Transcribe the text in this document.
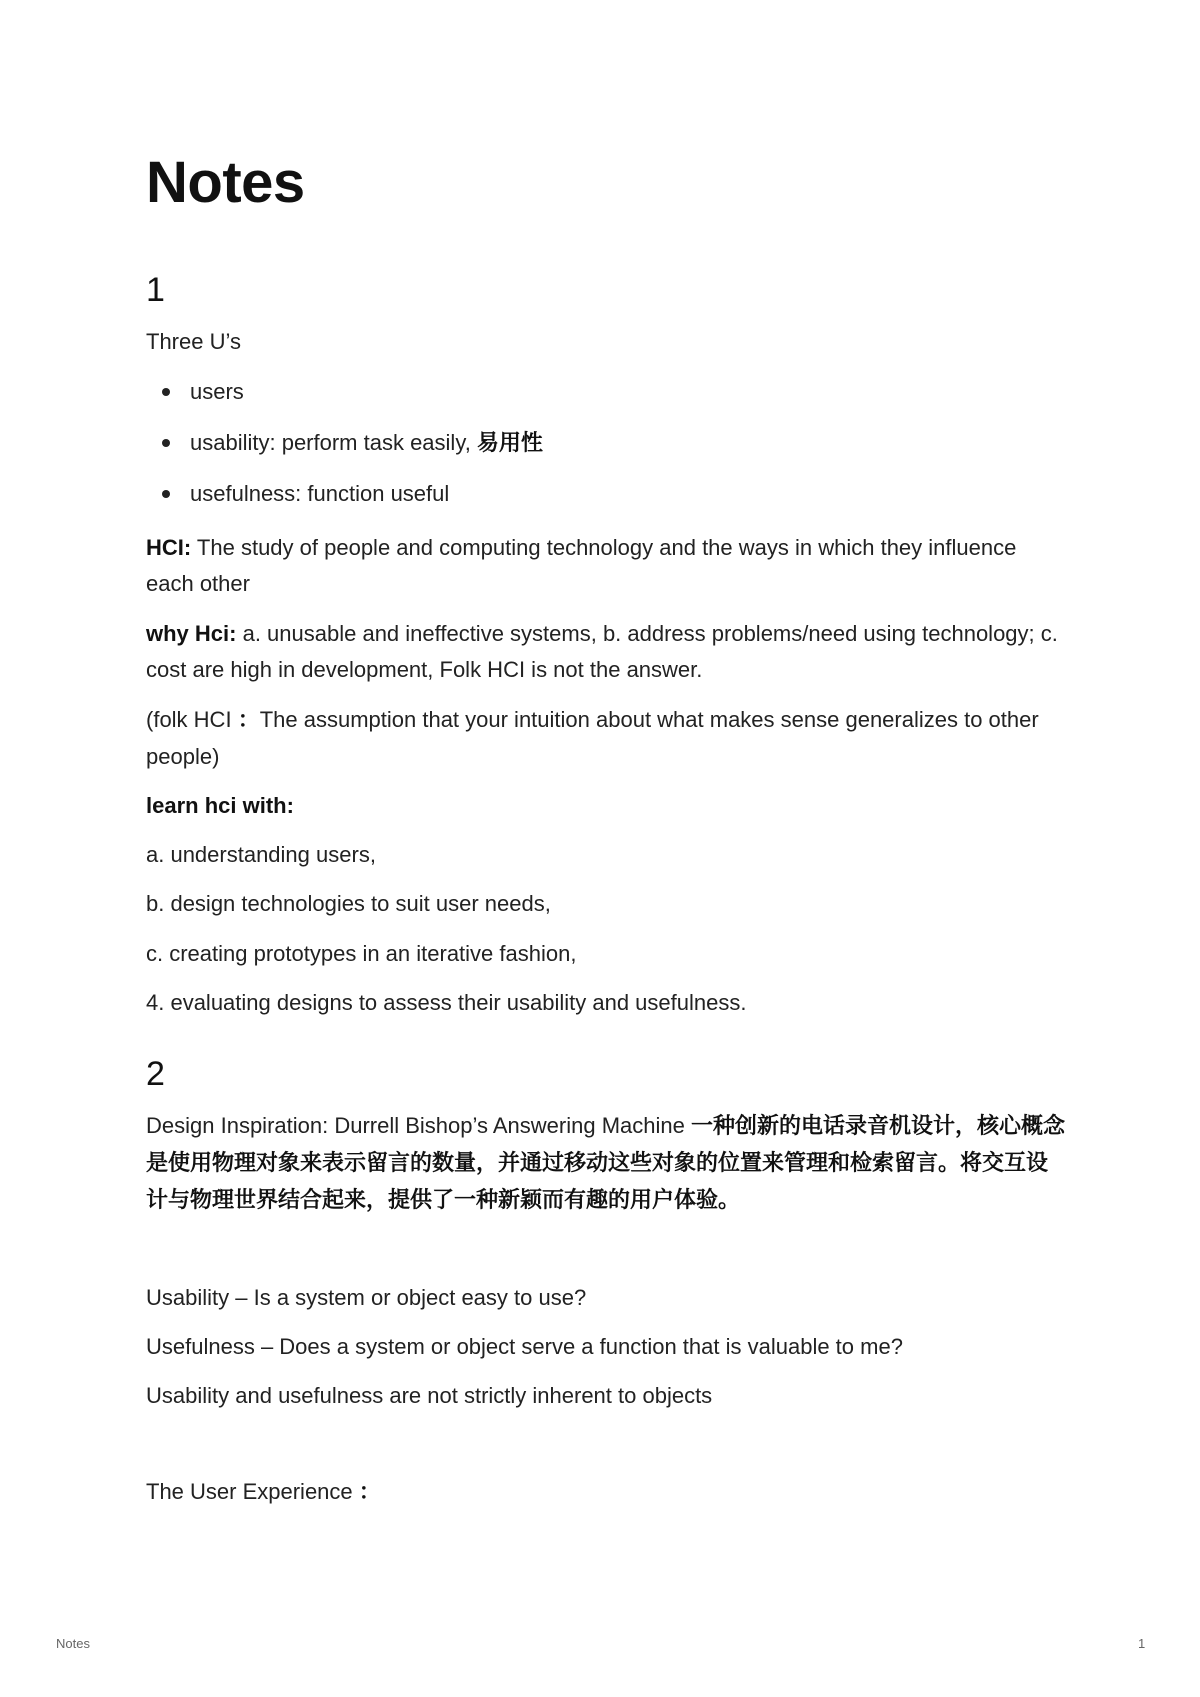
Notes
1

Three U’s

users
usability: perform task easily, 易用性
usefulness: function useful

HCI: The study of people and computing technology and the ways in which they influence each other

why Hci: a. unusable and ineffective systems, b. address problems/need using technology; c. cost are high in development, Folk HCI is not the answer.

(folk HCI ：The assumption that your intuition about what makes sense generalizes to other people)

learn hci with:

a. understanding users,

b. design technologies to suit user needs,

c. creating prototypes in an iterative fashion,

4. evaluating designs to assess their usability and usefulness.

2

Design Inspiration: Durrell Bishop’s Answering Machine 一种创新的电话录音机设计，核心概念是使用物理对象来表示留言的数量，并通过移动这些对象的位置来管理和检索留言。将交互设计与物理世界结合起来，提供了一种新颖而有趣的用户体验。

Usability – Is a system or object easy to use?

Usefulness – Does a system or object serve a function that is valuable to me?

Usability and usefulness are not strictly inherent to objects

The User Experience ：

Notes	1
